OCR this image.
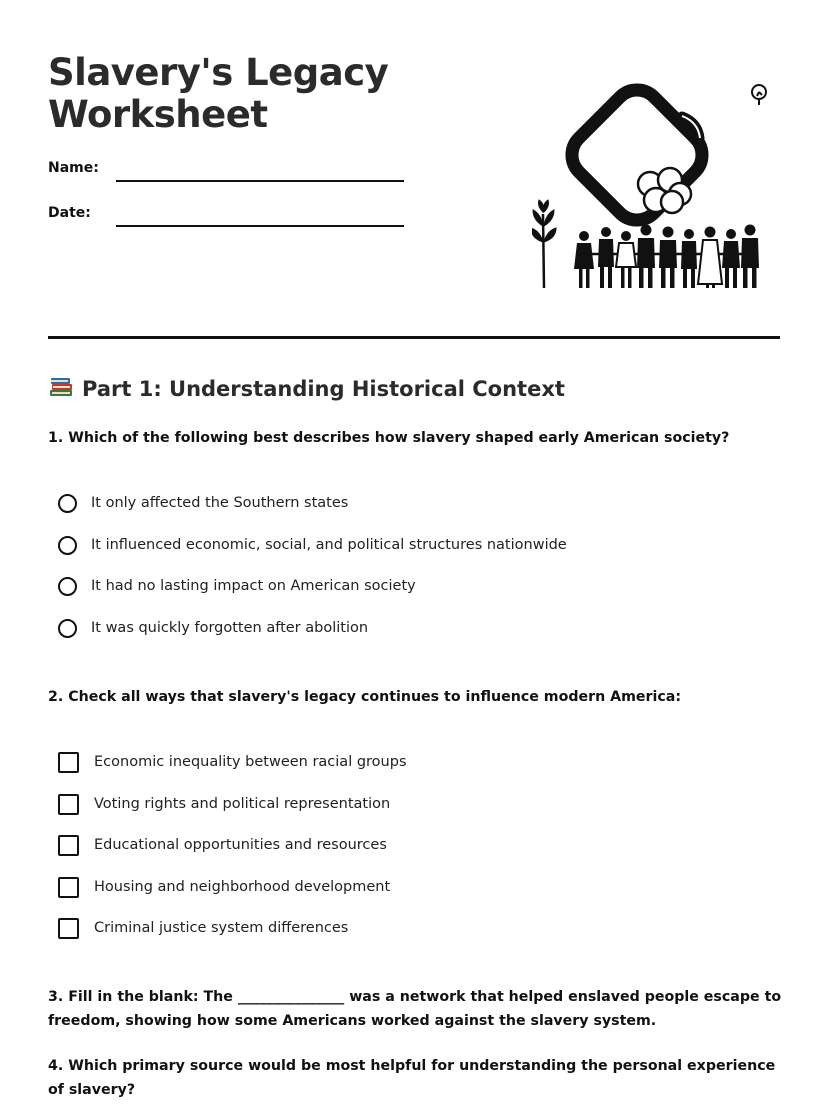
Slavery's Legacy
Worksheet
Name:
Date:
Part 1: Understanding Historical Context

1. Which of the following best describes how slavery shaped early American society?

It only affected the Southern states
It influenced economic, social, and political structures nationwide
It had no lasting impact on American society
It was quickly forgotten after abolition

2. Check all ways that slavery's legacy continues to influence modern America:

Economic inequality between racial groups
Voting rights and political representation
Educational opportunities and resources
Housing and neighborhood development
Criminal justice system differences

3. Fill in the blank: The _______________ was a network that helped enslaved people escape to freedom, showing how some Americans worked against the slavery system.

4. Which primary source would be most helpful for understanding the personal experience of slavery?
